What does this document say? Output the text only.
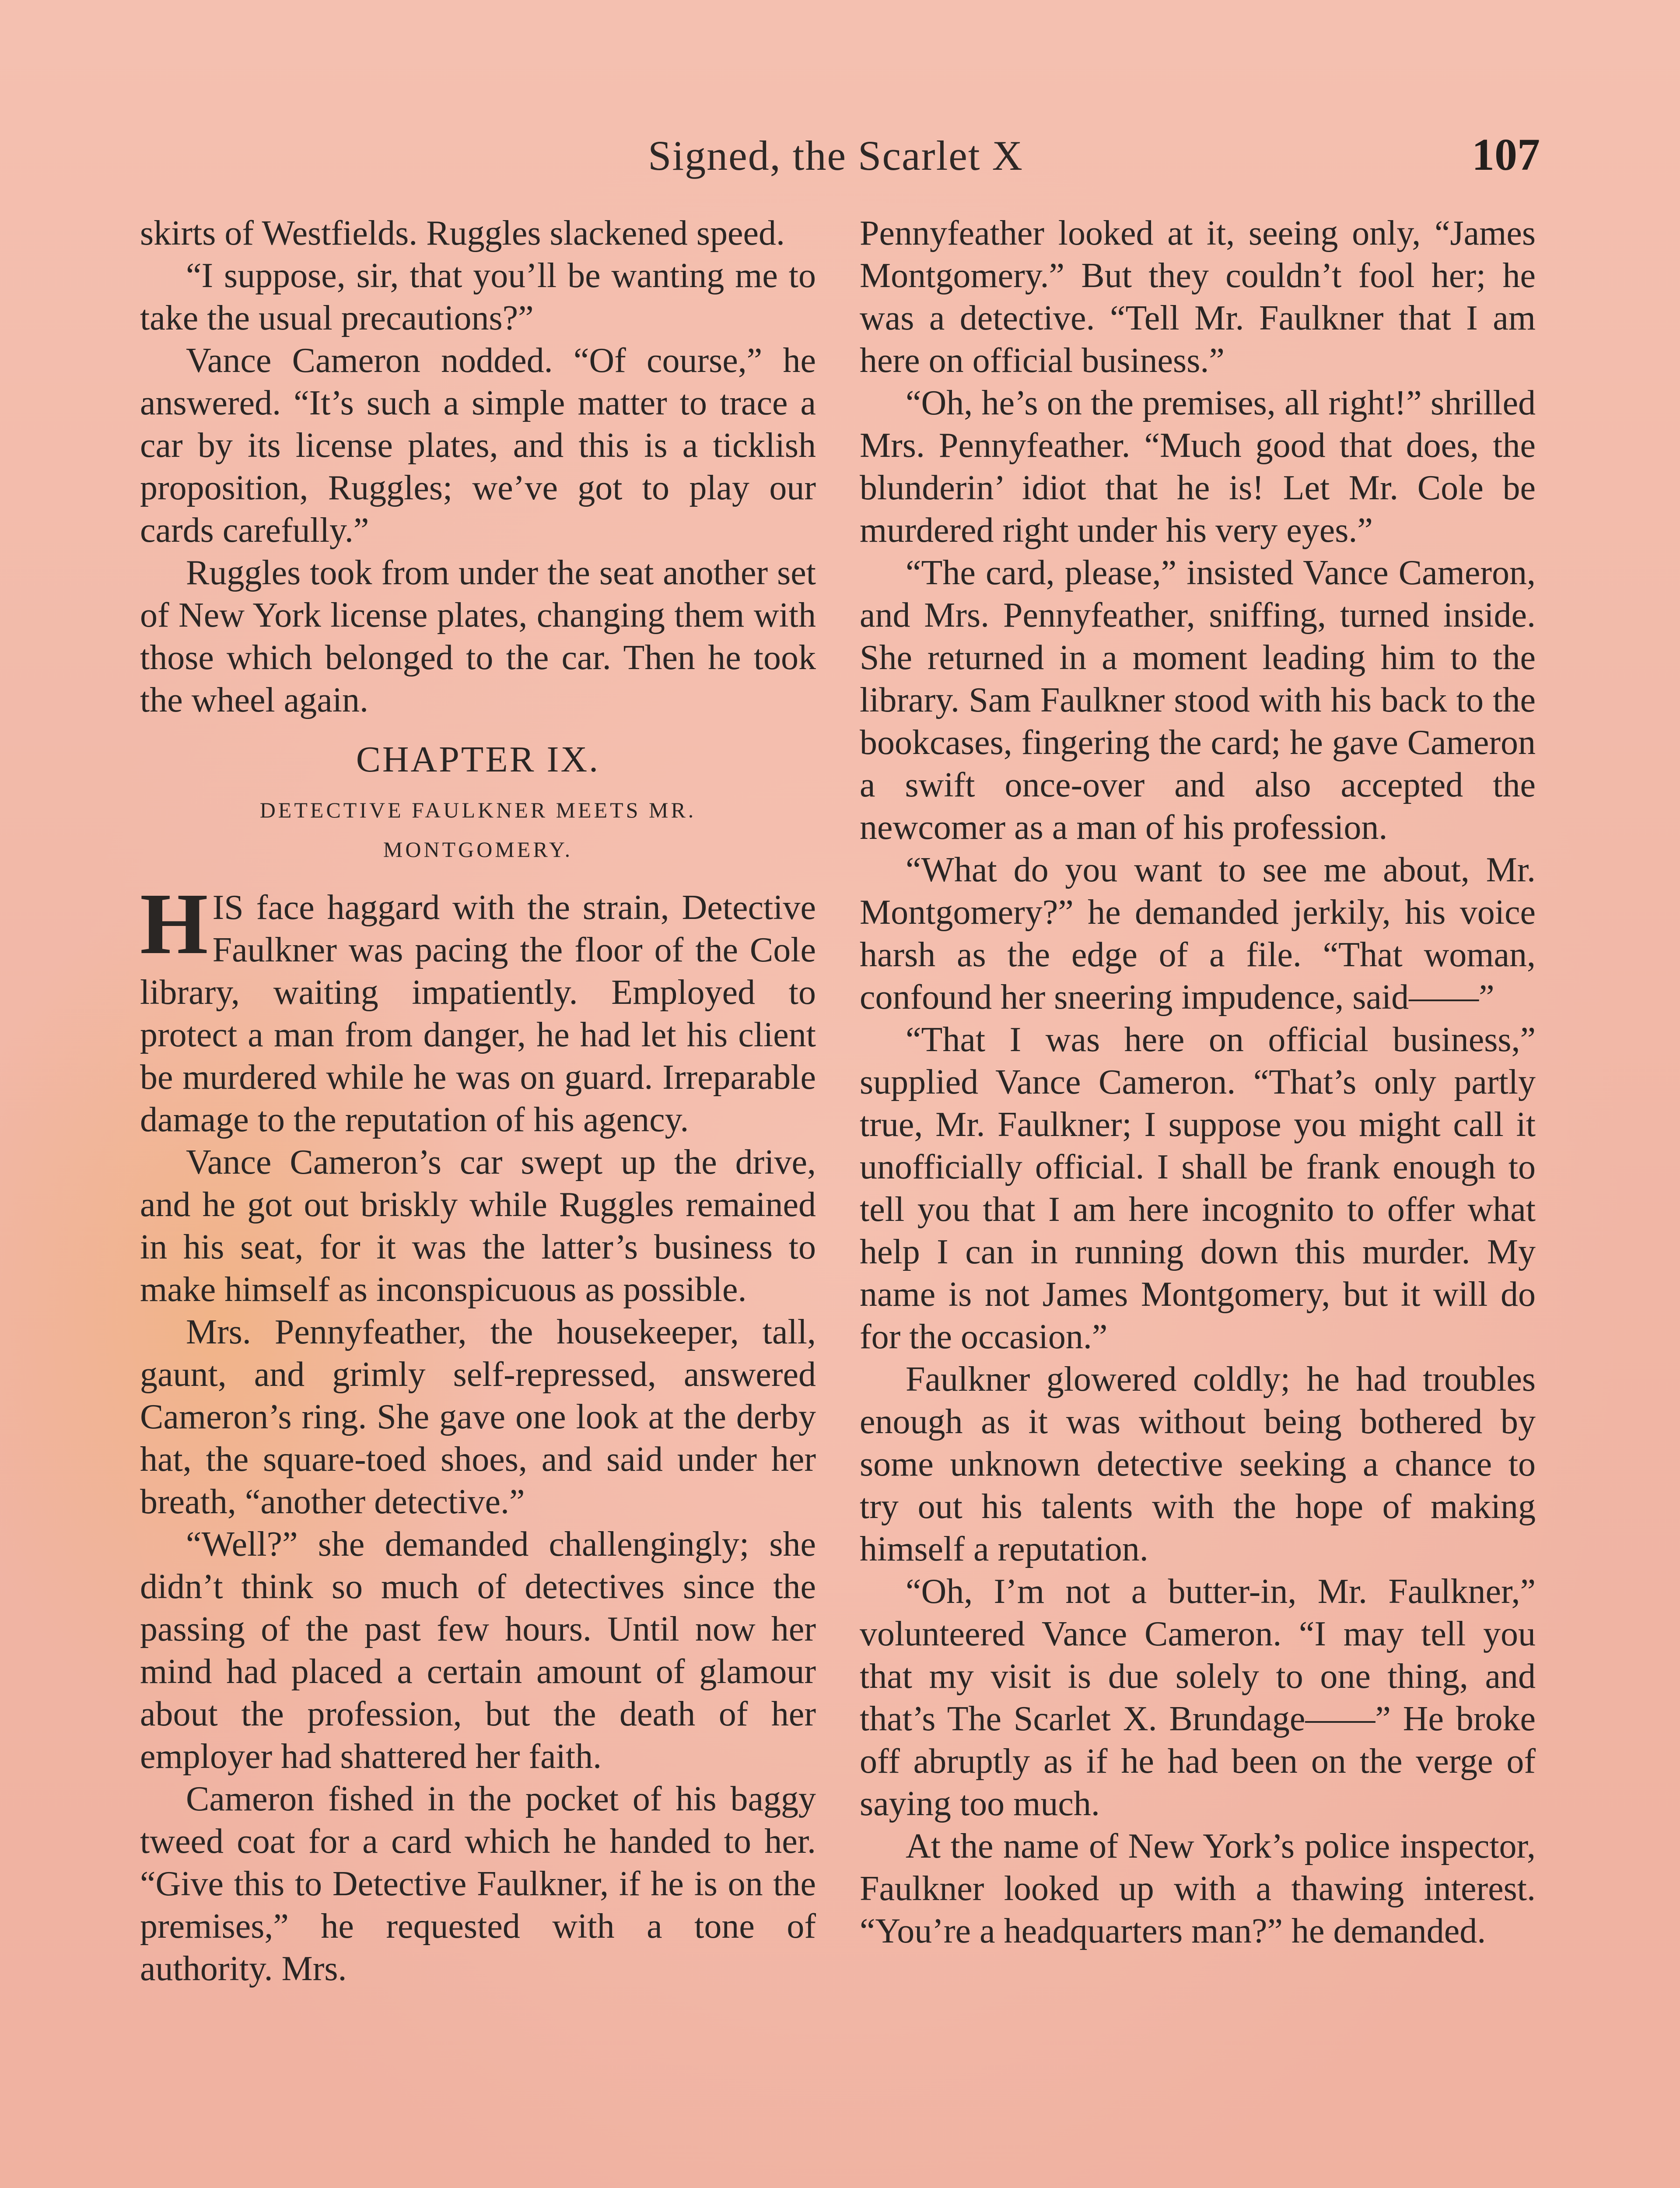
Signed, the Scarlet X	107

skirts of Westfields. Ruggles slackened speed.

“I suppose, sir, that you’ll be wanting me to take the usual precautions?”

Vance Cameron nodded. “Of course,” he answered. “It’s such a simple matter to trace a car by its license plates, and this is a ticklish proposition, Ruggles; we’ve got to play our cards carefully.”

Ruggles took from under the seat another set of New York license plates, changing them with those which belonged to the car. Then he took the wheel again.

CHAPTER IX.
DETECTIVE FAULKNER MEETS MR.
MONTGOMERY.

HIS face haggard with the strain, Detective Faulkner was pacing the floor of the Cole library, waiting impatiently. Employed to protect a man from danger, he had let his client be murdered while he was on guard. Irreparable damage to the reputation of his agency.

Vance Cameron’s car swept up the drive, and he got out briskly while Ruggles remained in his seat, for it was the latter’s business to make himself as inconspicuous as possible.

Mrs. Pennyfeather, the housekeeper, tall, gaunt, and grimly self-repressed, answered Cameron’s ring. She gave one look at the derby hat, the square-toed shoes, and said under her breath, “another detective.”

“Well?” she demanded challengingly; she didn’t think so much of detectives since the passing of the past few hours. Until now her mind had placed a certain amount of glamour about the profession, but the death of her employer had shattered her faith.

Cameron fished in the pocket of his baggy tweed coat for a card which he handed to her. “Give this to Detective Faulkner, if he is on the premises,” he requested with a tone of authority. Mrs.

Pennyfeather looked at it, seeing only, “James Montgomery.” But they couldn’t fool her; he was a detective. “Tell Mr. Faulkner that I am here on official business.”

“Oh, he’s on the premises, all right!” shrilled Mrs. Pennyfeather. “Much good that does, the blunderin’ idiot that he is! Let Mr. Cole be murdered right under his very eyes.”

“The card, please,” insisted Vance Cameron, and Mrs. Pennyfeather, sniffing, turned inside. She returned in a moment leading him to the library. Sam Faulkner stood with his back to the bookcases, fingering the card; he gave Cameron a swift once-over and also accepted the newcomer as a man of his profession.

“What do you want to see me about, Mr. Montgomery?” he demanded jerkily, his voice harsh as the edge of a file. “That woman, confound her sneering impudence, said——”

“That I was here on official business,” supplied Vance Cameron. “That’s only partly true, Mr. Faulkner; I suppose you might call it unofficially official. I shall be frank enough to tell you that I am here incognito to offer what help I can in running down this murder. My name is not James Montgomery, but it will do for the occasion.”

Faulkner glowered coldly; he had troubles enough as it was without being bothered by some unknown detective seeking a chance to try out his talents with the hope of making himself a reputation.

“Oh, I’m not a butter-in, Mr. Faulkner,” volunteered Vance Cameron. “I may tell you that my visit is due solely to one thing, and that’s The Scarlet X. Brundage——” He broke off abruptly as if he had been on the verge of saying too much.

At the name of New York’s police inspector, Faulkner looked up with a thawing interest. “You’re a headquarters man?” he demanded.
